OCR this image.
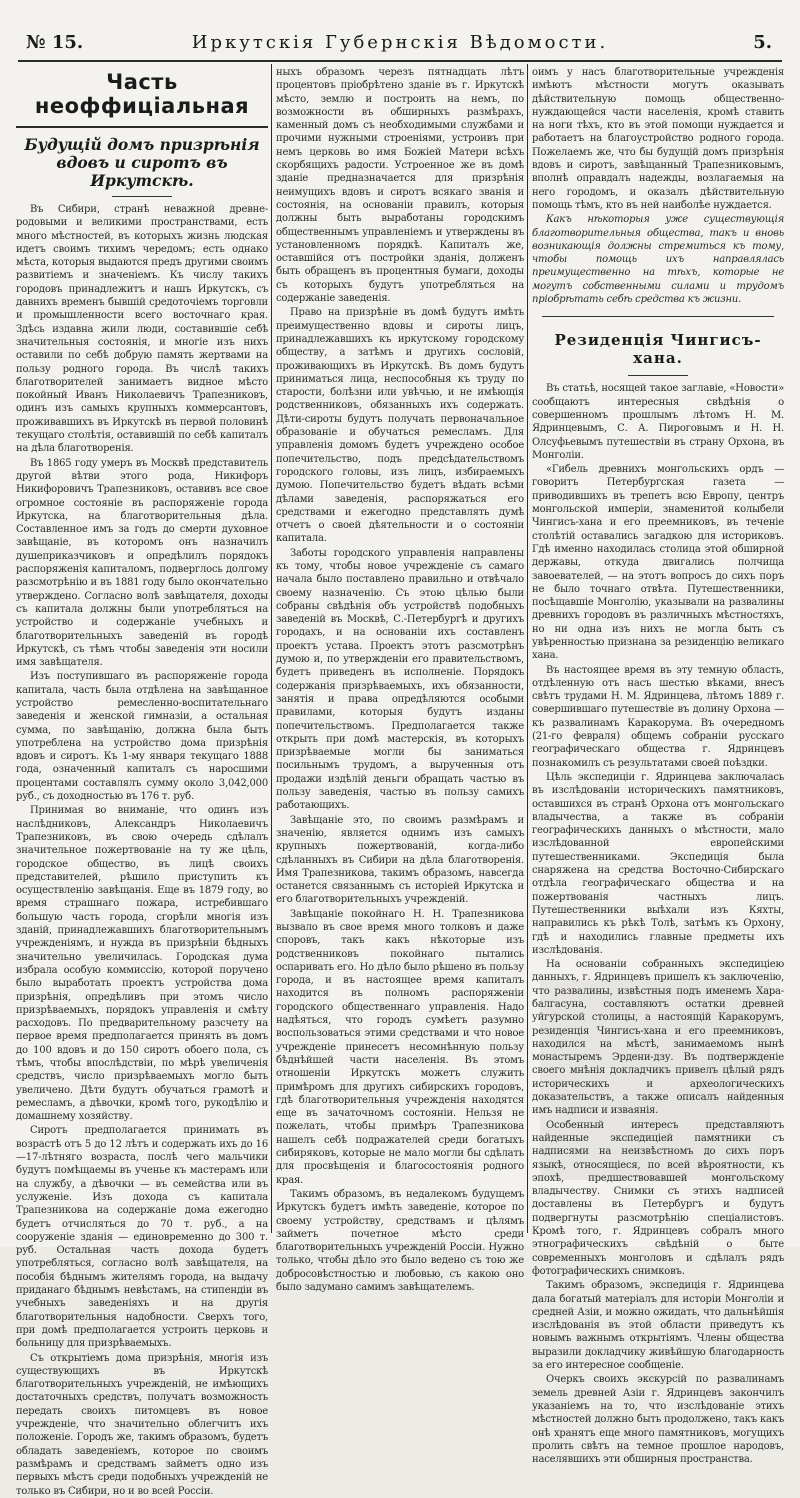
№ 15.	Иркутскія Губернскія Вѣдомости.	5.
Часть неоффиціальная
Будущій домъ призрѣнія вдовъ и сиротъ въ Иркутскѣ.

Въ Сибири, странѣ неважной древне-родовыми и великими пространствами, есть много мѣстностей, въ которыхъ жизнь людская идетъ своимъ тихимъ чередомъ; есть однако мѣста, которыя выдаются предъ другими своимъ развитіемъ и значеніемъ. Къ числу такихъ городовъ принадлежитъ и нашъ Иркутскъ, съ давнихъ временъ бывшій средоточіемъ торговли и промышленности всего восточнаго края. Здѣсь издавна жили люди, составившіе себѣ значительныя состоянія, и многіе изъ нихъ оставили по себѣ добрую память жертвами на пользу родного города. Въ числѣ такихъ благотворителей занимаетъ видное мѣсто покойный Иванъ Николаевичъ Трапезниковъ, одинъ изъ самыхъ крупныхъ коммерсантовъ, проживавшихъ въ Иркутскѣ въ первой половинѣ текущаго столѣтія, оставившій по себѣ капиталъ на дѣла благотворенія.

Въ 1865 году умеръ въ Москвѣ представитель другой вѣтви этого рода, Никифоръ Никифоровичъ Трапезниковъ, оставивъ все свое огромное состояніе въ распоряженіе города Иркутска, на благотворительныя дѣла. Составленное имъ за годъ до смерти духовное завѣщаніе, въ которомъ онъ назначилъ душеприказчиковъ и опредѣлилъ порядокъ распоряженія капиталомъ, подверглось долгому разсмотрѣнію и въ 1881 году было окончательно утверждено. Согласно волѣ завѣщателя, доходы съ капитала должны были употребляться на устройство и содержаніе учебныхъ и благотворительныхъ заведеній въ городѣ Иркутскѣ, съ тѣмъ чтобы заведенія эти носили имя завѣщателя.

Изъ поступившаго въ распоряженіе города капитала, часть была отдѣлена на завѣщанное устройство ремесленно-воспитательнаго заведенія и женской гимназіи, а остальная сумма, по завѣщанію, должна была быть употреблена на устройство дома призрѣнія вдовъ и сиротъ. Къ 1-му января текущаго 1888 года, означенный капиталъ съ наросшими процентами составлялъ сумму около 3,042,000 руб., съ доходностью въ 176 т. руб.

Принимая во вниманіе, что одинъ изъ наслѣдниковъ, Александръ Николаевичъ Трапезниковъ, въ свою очередь сдѣлалъ значительное пожертвованіе на ту же цѣль, городское общество, въ лицѣ своихъ представителей, рѣшило приступить къ осуществленію завѣщанія. Еще въ 1879 году, во время страшнаго пожара, истребившаго большую часть города, сгорѣли многія изъ зданій, принадлежавшихъ благотворительнымъ учрежденіямъ, и нужда въ призрѣніи бѣдныхъ значительно увеличилась. Городская дума избрала особую коммиссію, которой поручено было выработать проектъ устройства дома призрѣнія, опредѣливъ при этомъ число призрѣваемыхъ, порядокъ управленія и смѣту расходовъ. По предварительному разсчету на первое время предполагается принять въ домъ до 100 вдовъ и до 150 сиротъ обоего пола, съ тѣмъ, чтобы впослѣдствіи, по мѣрѣ увеличенія средствъ, число призрѣваемыхъ могло быть увеличено. Дѣти будутъ обучаться грамотѣ и ремесламъ, а дѣвочки, кромѣ того, рукодѣлію и домашнему хозяйству.

Сиротъ предполагается принимать въ возрастѣ отъ 5 до 12 лѣтъ и содержать ихъ до 16—17-лѣтняго возраста, послѣ чего мальчики будутъ помѣщаемы въ ученье къ мастерамъ или на службу, а дѣвочки — въ семейства или въ услуженіе. Изъ дохода съ капитала Трапезникова на содержаніе дома ежегодно будетъ отчисляться до 70 т. руб., а на сооруженіе зданія — единовременно до 300 т. руб. Остальная часть дохода будетъ употребляться, согласно волѣ завѣщателя, на пособія бѣднымъ жителямъ города, на выдачу приданаго бѣднымъ невѣстамъ, на стипендіи въ учебныхъ заведеніяхъ и на другія благотворительныя надобности. Сверхъ того, при домѣ предполагается устроить церковь и больницу для призрѣваемыхъ.

Съ открытіемъ дома призрѣнія, многія изъ существующихъ въ Иркутскѣ благотворительныхъ учрежденій, не имѣющихъ достаточныхъ средствъ, получатъ возможность передать своихъ питомцевъ въ новое учрежденіе, что значительно облегчитъ ихъ положеніе. Городъ же, такимъ образомъ, будетъ обладать заведеніемъ, которое по своимъ размѣрамъ и средствамъ займетъ одно изъ первыхъ мѣстъ среди подобныхъ учрежденій не только въ Сибири, но и во всей Россіи.

ныхъ образомъ черезъ пятнадцать лѣтъ процентовъ пріобрѣтено зданіе въ г. Иркутскѣ мѣсто, землю и построить на немъ, по возможности въ обширныхъ размѣрахъ, каменный домъ съ необходимыми службами и прочими нужными строеніями, устроивъ при немъ церковь во имя Божіей Матери всѣхъ скорбящихъ радости. Устроенное же въ домѣ зданіе предназначается для призрѣнія неимущихъ вдовъ и сиротъ всякаго званія и состоянія, на основаніи правилъ, которыя должны быть выработаны городскимъ общественнымъ управленіемъ и утверждены въ установленномъ порядкѣ. Капиталъ же, оставшійся отъ постройки зданія, долженъ быть обращенъ въ процентныя бумаги, доходы съ которыхъ будутъ употребляться на содержаніе заведенія.

Право на призрѣніе въ домѣ будутъ имѣть преимущественно вдовы и сироты лицъ, принадлежавшихъ къ иркутскому городскому обществу, а затѣмъ и другихъ сословій, проживающихъ въ Иркутскѣ. Въ домъ будутъ приниматься лица, неспособныя къ труду по старости, болѣзни или увѣчью, и не имѣющія родственниковъ, обязанныхъ ихъ содержать. Дѣти-сироты будутъ получать первоначальное образованіе и обучаться ремесламъ. Для управленія домомъ будетъ учреждено особое попечительство, подъ предсѣдательствомъ городского головы, изъ лицъ, избираемыхъ думою. Попечительство будетъ вѣдать всѣми дѣлами заведенія, распоряжаться его средствами и ежегодно представлять думѣ отчетъ о своей дѣятельности и о состояніи капитала.

Заботы городского управленія направлены къ тому, чтобы новое учрежденіе съ самаго начала было поставлено правильно и отвѣчало своему назначенію. Съ этою цѣлью были собраны свѣдѣнія объ устройствѣ подобныхъ заведеній въ Москвѣ, С.-Петербургѣ и другихъ городахъ, и на основаніи ихъ составленъ проектъ устава. Проектъ этотъ разсмотрѣнъ думою и, по утвержденіи его правительствомъ, будетъ приведенъ въ исполненіе. Порядокъ содержанія призрѣваемыхъ, ихъ обязанности, занятія и права опредѣляются особыми правилами, которыя будутъ изданы попечительствомъ. Предполагается также открыть при домѣ мастерскія, въ которыхъ призрѣваемые могли бы заниматься посильнымъ трудомъ, а вырученныя отъ продажи издѣлій деньги обращать частью въ пользу заведенія, частью въ пользу самихъ работающихъ.

Завѣщаніе это, по своимъ размѣрамъ и значенію, является однимъ изъ самыхъ крупныхъ пожертвованій, когда-либо сдѣланныхъ въ Сибири на дѣла благотворенія. Имя Трапезникова, такимъ образомъ, навсегда останется связаннымъ съ исторіей Иркутска и его благотворительныхъ учрежденій.

Завѣщаніе покойнаго Н. Н. Трапезникова вызвало въ свое время много толковъ и даже споровъ, такъ какъ нѣкоторые изъ родственниковъ покойнаго пытались оспаривать его. Но дѣло было рѣшено въ пользу города, и въ настоящее время капиталъ находится въ полномъ распоряженіи городского общественнаго управленія. Надо надѣяться, что городъ сумѣетъ разумно воспользоваться этими средствами и что новое учрежденіе принесетъ несомнѣнную пользу бѣднѣйшей части населенія. Въ этомъ отношеніи Иркутскъ можетъ служить примѣромъ для другихъ сибирскихъ городовъ, гдѣ благотворительныя учрежденія находятся еще въ зачаточномъ состояніи. Нельзя не пожелать, чтобы примѣръ Трапезникова нашелъ себѣ подражателей среди богатыхъ сибиряковъ, которые не мало могли бы сдѣлать для просвѣщенія и благосостоянія родного края.

Такимъ образомъ, въ недалекомъ будущемъ Иркутскъ будетъ имѣть заведеніе, которое по своему устройству, средствамъ и цѣлямъ займетъ почетное мѣсто среди благотворительныхъ учрежденій Россіи. Нужно только, чтобы дѣло это было ведено съ тою же добросовѣстностью и любовью, съ какою оно было задумано самимъ завѣщателемъ.

оимъ у насъ благотворительные учрежденія имѣютъ мѣстности могутъ оказывать дѣйствительную помощь общественно-нуждающейся части населенія, кромѣ ставить на ноги тѣхъ, кто въ этой помощи нуждается и работаетъ на благоустройство родного города. Пожелаемъ же, что бы будущій домъ призрѣнія вдовъ и сиротъ, завѣщанный Трапезниковымъ, вполнѣ оправдалъ надежды, возлагаемыя на него городомъ, и оказалъ дѣйствительную помощь тѣмъ, кто въ ней наиболѣе нуждается.

Какъ нѣкоторыя уже существующія благотворительныя общества, такъ и вновь возникающія должны стремиться къ тому, чтобы помощь ихъ направлялась преимущественно на тѣхъ, которые не могутъ собственными силами и трудомъ пріобрѣтать себѣ средства къ жизни.

Резиденція Чингисъ-хана.

Въ статьѣ, носящей такое заглавіе, «Новости» сообщаютъ интересныя свѣдѣнія о совершенномъ прошлымъ лѣтомъ Н. М. Ядринцевымъ, С. А. Пироговымъ и Н. Н. Олсуфьевымъ путешествіи въ страну Орхона, въ Монголіи.

«Гибель древнихъ монгольскихъ ордъ — говоритъ Петербургская газета — приводившихъ въ трепетъ всю Европу, центръ монгольской имперіи, знаменитой колыбели Чингисъ-хана и его преемниковъ, въ теченіе столѣтій оставались загадкою для историковъ. Гдѣ именно находилась столица этой обширной державы, откуда двигались полчища завоевателей, — на этотъ вопросъ до сихъ поръ не было точнаго отвѣта. Путешественники, посѣщавшіе Монголію, указывали на развалины древнихъ городовъ въ различныхъ мѣстностяхъ, но ни одна изъ нихъ не могла быть съ увѣренностью признана за резиденцію великаго хана.

Въ настоящее время въ эту темную область, отдѣленную отъ насъ шестью вѣками, внесъ свѣтъ трудами Н. М. Ядринцева, лѣтомъ 1889 г. совершившаго путешествіе въ долину Орхона — къ развалинамъ Каракорума. Въ очередномъ (21-го февраля) общемъ собраніи русскаго географическаго общества г. Ядринцевъ познакомилъ съ результатами своей поѣздки.

Цѣль экспедиціи г. Ядринцева заключалась въ изслѣдованіи историческихъ памятниковъ, оставшихся въ странѣ Орхона отъ монгольскаго владычества, а также въ собраніи географическихъ данныхъ о мѣстности, мало изслѣдованной европейскими путешественниками. Экспедиція была снаряжена на средства Восточно-Сибирскаго отдѣла географическаго общества и на пожертвованія частныхъ лицъ. Путешественники выѣхали изъ Кяхты, направились къ рѣкѣ Толѣ, затѣмъ къ Орхону, гдѣ и находились главные предметы ихъ изслѣдованія.

На основаніи собранныхъ экспедиціею данныхъ, г. Ядринцевъ пришелъ къ заключенію, что развалины, извѣстныя подъ именемъ Хара-балгасуна, составляютъ остатки древней уйгурской столицы, а настоящій Каракорумъ, резиденція Чингисъ-хана и его преемниковъ, находился на мѣстѣ, занимаемомъ нынѣ монастыремъ Эрдени-дзу. Въ подтвержденіе своего мнѣнія докладчикъ привелъ цѣлый рядъ историческихъ и археологическихъ доказательствъ, а также описалъ найденныя имъ надписи и изваянія.

Особенный интересъ представляютъ найденные экспедиціей памятники съ надписями на неизвѣстномъ до сихъ поръ языкѣ, относящіеся, по всей вѣроятности, къ эпохѣ, предшествовавшей монгольскому владычеству. Снимки съ этихъ надписей доставлены въ Петербургъ и будутъ подвергнуты разсмотрѣнію спеціалистовъ. Кромѣ того, г. Ядринцевъ собралъ много этнографическихъ свѣдѣній о быте современныхъ монголовъ и сдѣлалъ рядъ фотографическихъ снимковъ.

Такимъ образомъ, экспедиція г. Ядринцева дала богатый матеріалъ для исторіи Монголіи и средней Азіи, и можно ожидать, что дальнѣйшія изслѣдованія въ этой области приведутъ къ новымъ важнымъ открытіямъ. Члены общества выразили докладчику живѣйшую благодарность за его интересное сообщеніе.

Очеркъ своихъ экскурсій по развалинамъ земель древней Азіи г. Ядринцевъ закончилъ указаніемъ на то, что изслѣдованіе этихъ мѣстностей должно быть продолжено, такъ какъ онѣ хранятъ еще много памятниковъ, могущихъ пролить свѣтъ на темное прошлое народовъ, населявшихъ эти обширныя пространства.
